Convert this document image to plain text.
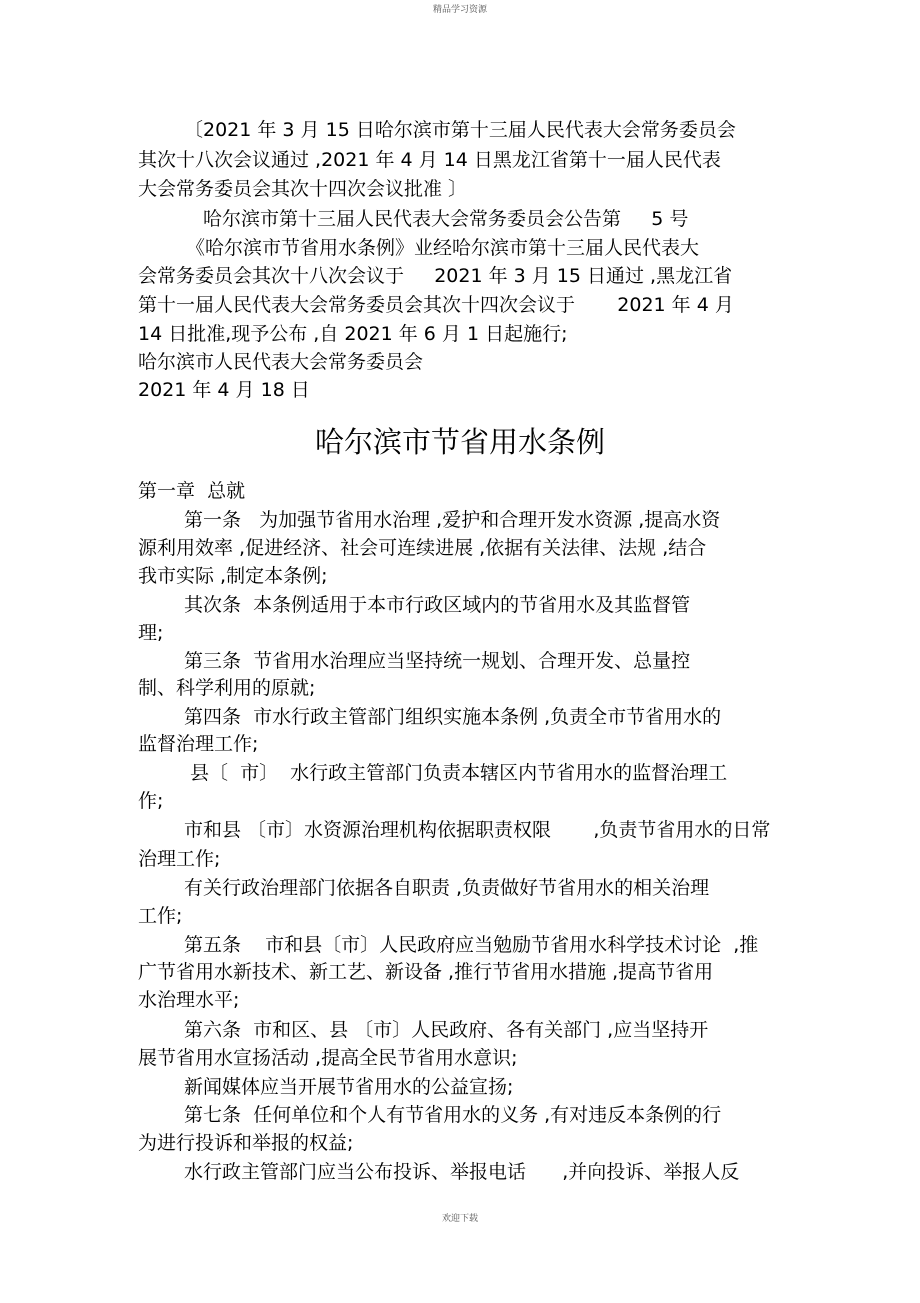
精品学习资源
〔2021 年 3 月 15 日哈尔滨市第十三届人民代表大会常务委员会
其次十八次会议通过 ,2021 年 4 月 14 日黑龙江省第十一届人民代表
大会常务委员会其次十四次会议批准 〕
哈尔滨市第十三届人民代表大会常务委员会公告第     5 号
《哈尔滨市节省用水条例》业经哈尔滨市第十三届人民代表大
会常务委员会其次十八次会议于     2021 年 3 月 15 日通过 ,黑龙江省
第十一届人民代表大会常务委员会其次十四次会议于       2021 年 4 月
14 日批准,现予公布 ,自 2021 年 6 月 1 日起施行;
哈尔滨市人民代表大会常务委员会
2021 年 4 月 18 日
哈尔滨市节省用水条例
第一章  总就
第一条   为加强节省用水治理 ,爱护和合理开发水资源 ,提高水资
源利用效率 ,促进经济、社会可连续进展 ,依据有关法律、法规 ,结合
我市实际 ,制定本条例;
其次条  本条例适用于本市行政区域内的节省用水及其监督管
理;
第三条  节省用水治理应当坚持统一规划、合理开发、总量控
制、科学利用的原就;
第四条  市水行政主管部门组织实施本条例 ,负责全市节省用水的
监督治理工作;
县〔  市〕  水行政主管部门负责本辖区内节省用水的监督治理工
作;
市和县 〔市〕水资源治理机构依据职责权限       ,负责节省用水的日常
治理工作;
有关行政治理部门依据各自职责 ,负责做好节省用水的相关治理
工作;
第五条    市和县〔市〕人民政府应当勉励节省用水科学技术讨论  ,推
广节省用水新技术、新工艺、新设备 ,推行节省用水措施 ,提高节省用
水治理水平;
第六条  市和区、县 〔市〕人民政府、各有关部门 ,应当坚持开
展节省用水宣扬活动 ,提高全民节省用水意识;
新闻媒体应当开展节省用水的公益宣扬;
第七条  任何单位和个人有节省用水的义务 ,有对违反本条例的行
为进行投诉和举报的权益;
水行政主管部门应当公布投诉、举报电话      ,并向投诉、举报人反
欢迎下载
